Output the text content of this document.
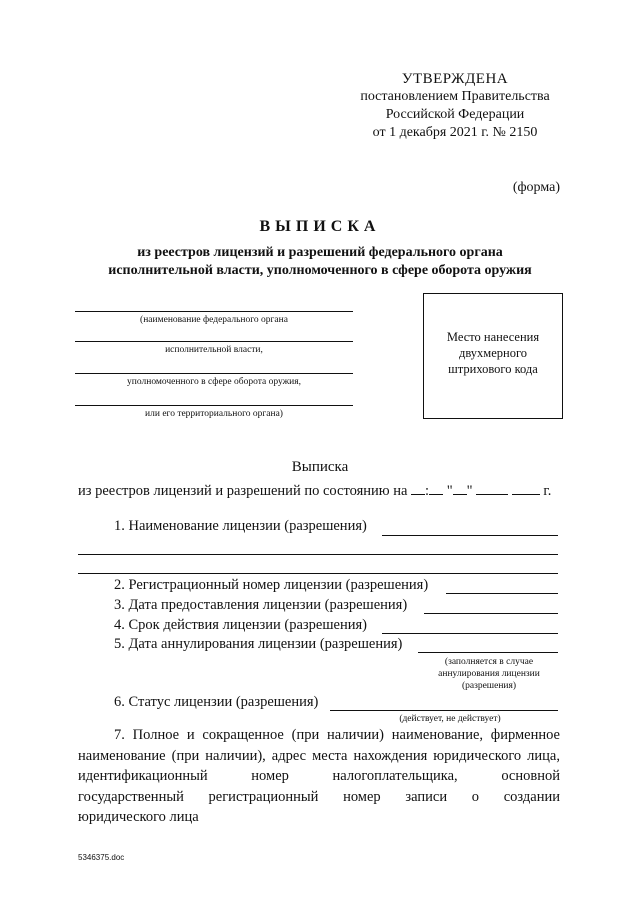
УТВЕРЖДЕНА
постановлением Правительства
Российской Федерации
от 1 декабря 2021 г. № 2150
(форма)
ВЫПИСКА
из реестров лицензий и разрешений федерального органа
исполнительной власти, уполномоченного в сфере оборота оружия
(наименование федерального органа
исполнительной власти,
уполномоченного в сфере оборота оружия,
или его территориального органа)
Место нанесения
двухмерного
штрихового кода
Выписка
из реестров лицензий и разрешений по состоянию на : " "	г.
1. Наименование лицензии (разрешения)
2. Регистрационный номер лицензии (разрешения)
3. Дата предоставления лицензии (разрешения)
4. Срок действия лицензии (разрешения)
5. Дата аннулирования лицензии (разрешения)
(заполняется в случае
аннулирования лицензии
(разрешения)
6. Статус лицензии (разрешения)
(действует, не действует)
7. Полное и сокращенное (при наличии) наименование, фирменное
наименование (при наличии), адрес места нахождения юридического лица,
идентификационный номер налогоплательщика, основной
государственный регистрационный номер записи о создании
юридического лица
5346375.doc
